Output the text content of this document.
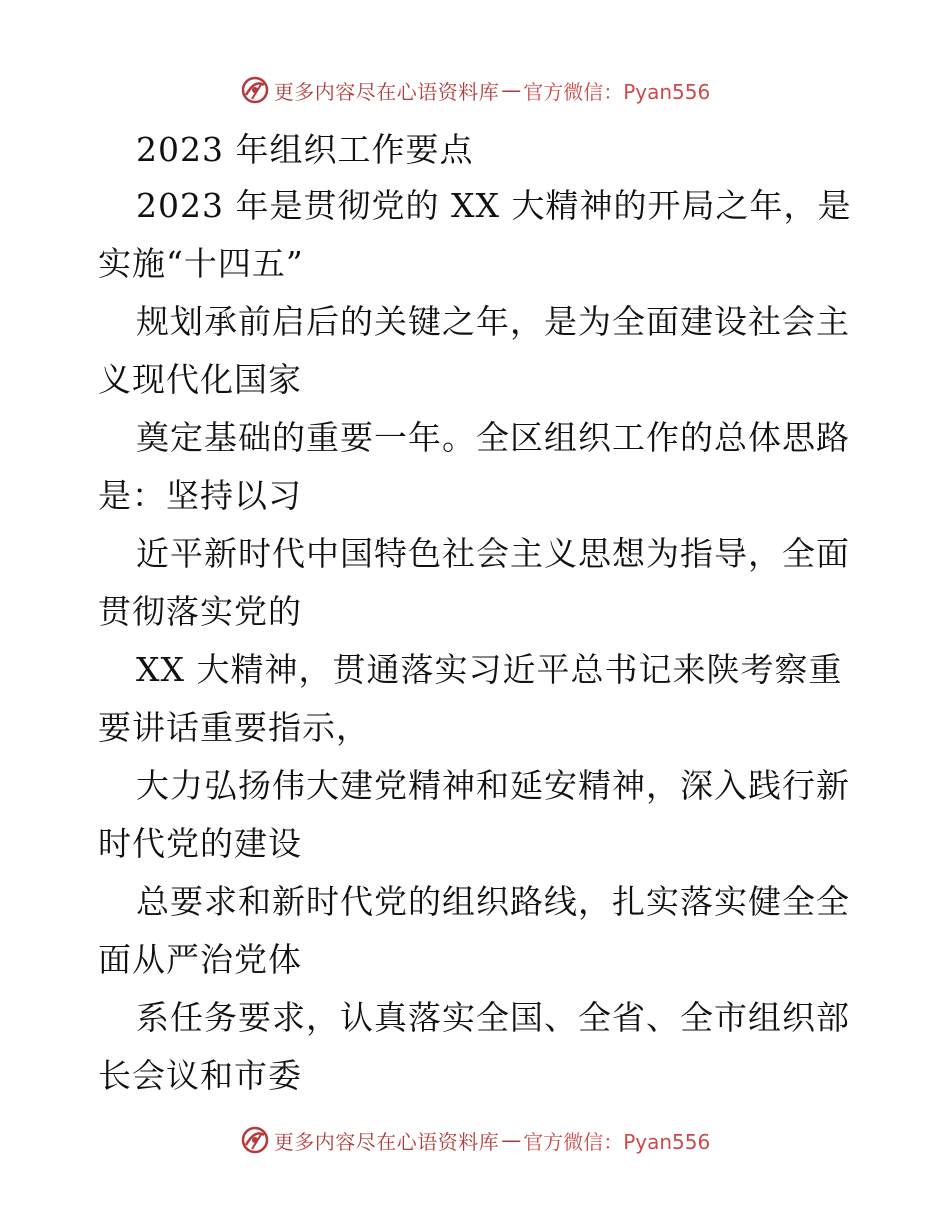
更多内容尽在心语资料库 — 官方微信：Pyan556
2023 年组织工作要点
2023 年是贯彻党的 XX 大精神的开局之年，是
实施“十四五”
规划承前启后的关键之年，是为全面建设社会主
义现代化国家
奠定基础的重要一年。全区组织工作的总体思路
是：坚持以习
近平新时代中国特色社会主义思想为指导，全面
贯彻落实党的
XX 大精神，贯通落实习近平总书记来陕考察重
要讲话重要指示，
大力弘扬伟大建党精神和延安精神，深入践行新
时代党的建设
总要求和新时代党的组织路线，扎实落实健全全
面从严治党体
系任务要求，认真落实全国、全省、全市组织部
长会议和市委
更多内容尽在心语资料库 — 官方微信：Pyan556
